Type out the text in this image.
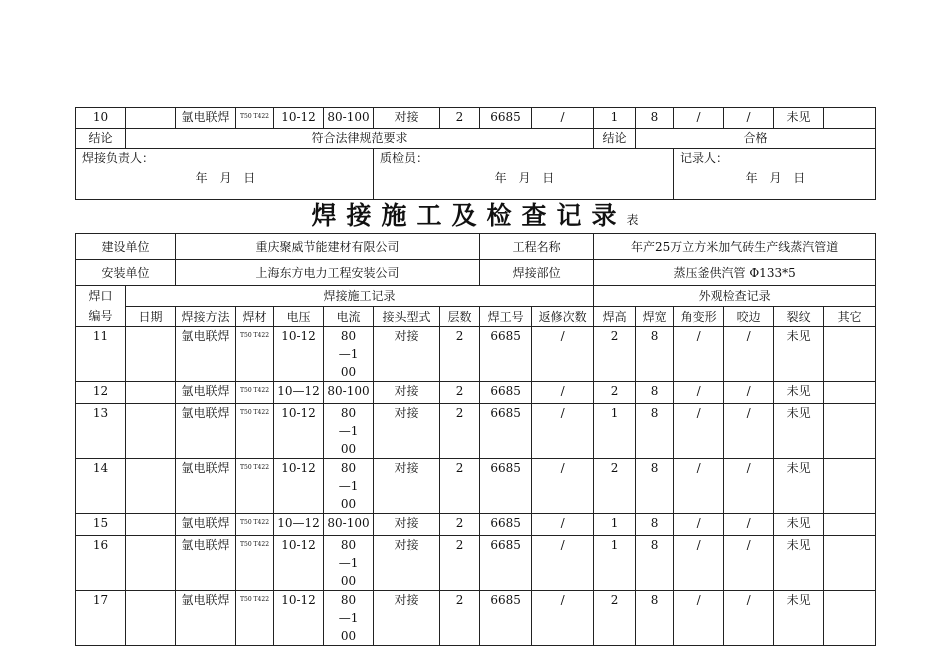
10		氩电联焊	T50 T422	10-12	80-100	对接	2	6685	/	1	8	/	/	未见	
结论	符合法律规范要求									结论	合格				
焊接负责人：
年 月 日						质检员：
年 月 日						记录人：
年 月 日			
焊接施工及检查记录表
建设单位		重庆聚威节能建材有限公司						工程名称		年产25万立方米加气砖生产线蒸汽管道					
安装单位		上海东方电力工程安装公司						焊接部位		蒸压釜供汽管 Φ133*5					
焊口编号	焊接施工记录									外观检查记录					
	日期	焊接方法	焊材	电压	电流	接头型式	层数	焊工号	返修次数	焊高	焊宽	角变形	咬边	裂纹	其它
11		氩电联焊	T50 T422	10-12	80—100	对接	2	6685	/	2	8	/	/	未见	
12		氩电联焊	T50 T422	10—12	80-100	对接	2	6685	/	2	8	/	/	未见	
13		氩电联焊	T50 T422	10-12	80—100	对接	2	6685	/	1	8	/	/	未见	
14		氩电联焊	T50 T422	10-12	80—100	对接	2	6685	/	2	8	/	/	未见	
15		氩电联焊	T50 T422	10—12	80-100	对接	2	6685	/	1	8	/	/	未见	
16		氩电联焊	T50 T422	10-12	80—100	对接	2	6685	/	1	8	/	/	未见	
17		氩电联焊	T50 T422	10-12	80—100	对接	2	6685	/	2	8	/	/	未见	
